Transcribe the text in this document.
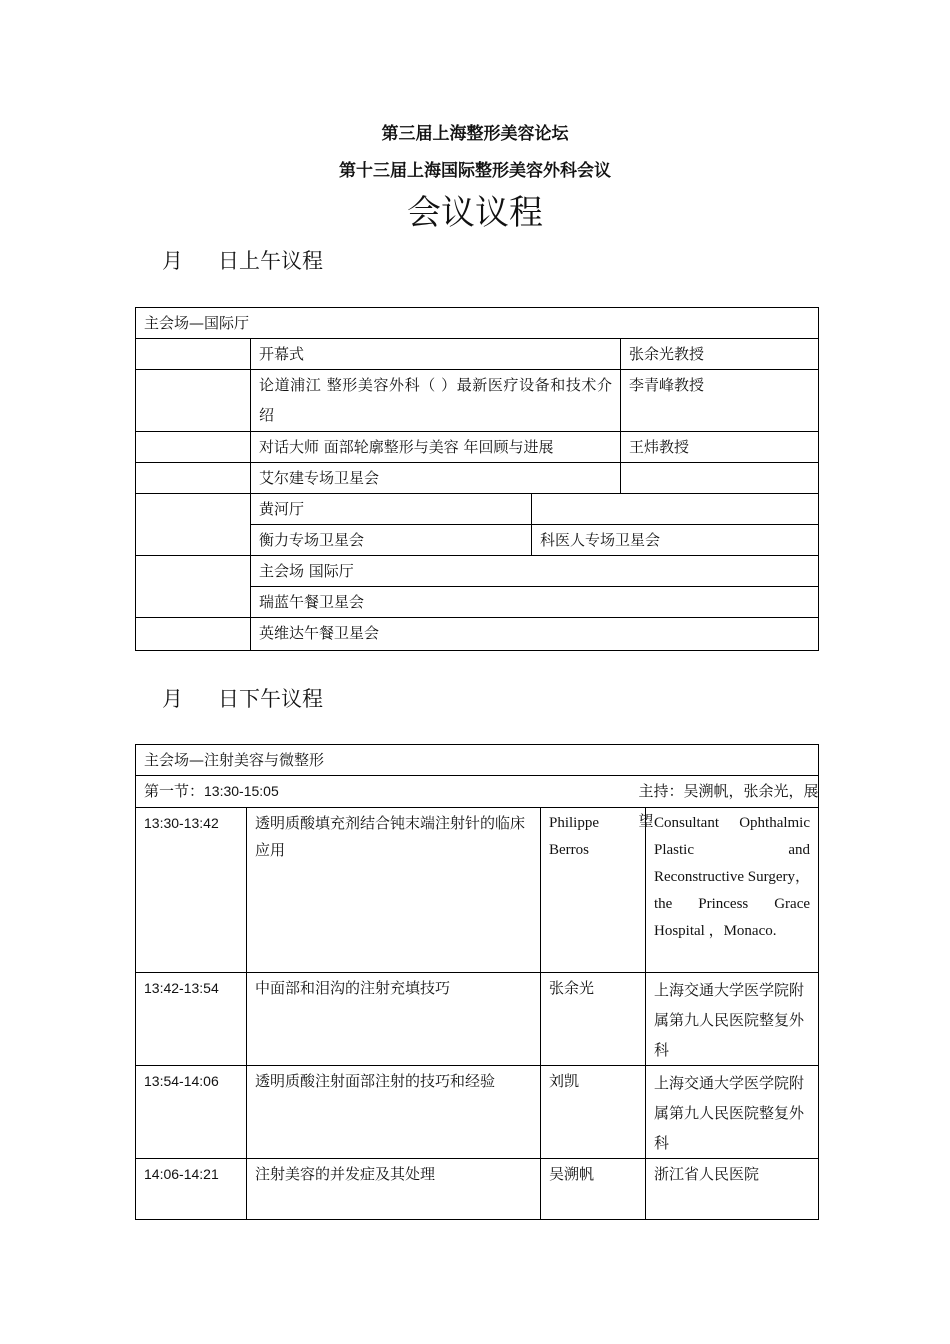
第三届上海整形美容论坛
第十三届上海国际整形美容外科会议
会议议程
月 日上午议程
主会场—国际厅			
	开幕式		张余光教授
	论道浦江 整形美容外科（ ）最新医疗设备和技术介绍		李青峰教授
	对话大师 面部轮廓整形与美容 年回顾与进展		王炜教授
	艾尔建专场卫星会		
	黄河厅		
	衡力专场卫星会	科医人专场卫星会	
	主会场 国际厅		
	瑞蓝午餐卫星会		
	英维达午餐卫星会		
月 日下午议程
主会场—注射美容与微整形			
第一节：13:30-15:05 主持：吴溯帆，张余光，展望			

13:30-13:42	透明质酸填充剂结合钝末端注射针的临床应用	Philippe Berros	Consultant Ophthalmic Plastic and Reconstructive Surgery，the Princess Grace Hospital ，Monaco.
13:42-13:54	中面部和泪沟的注射充填技巧	张余光	上海交通大学医学院附属第九人民医院整复外科
13:54-14:06	透明质酸注射面部注射的技巧和经验	刘凯	上海交通大学医学院附属第九人民医院整复外科
14:06-14:21	注射美容的并发症及其处理	吴溯帆	浙江省人民医院
